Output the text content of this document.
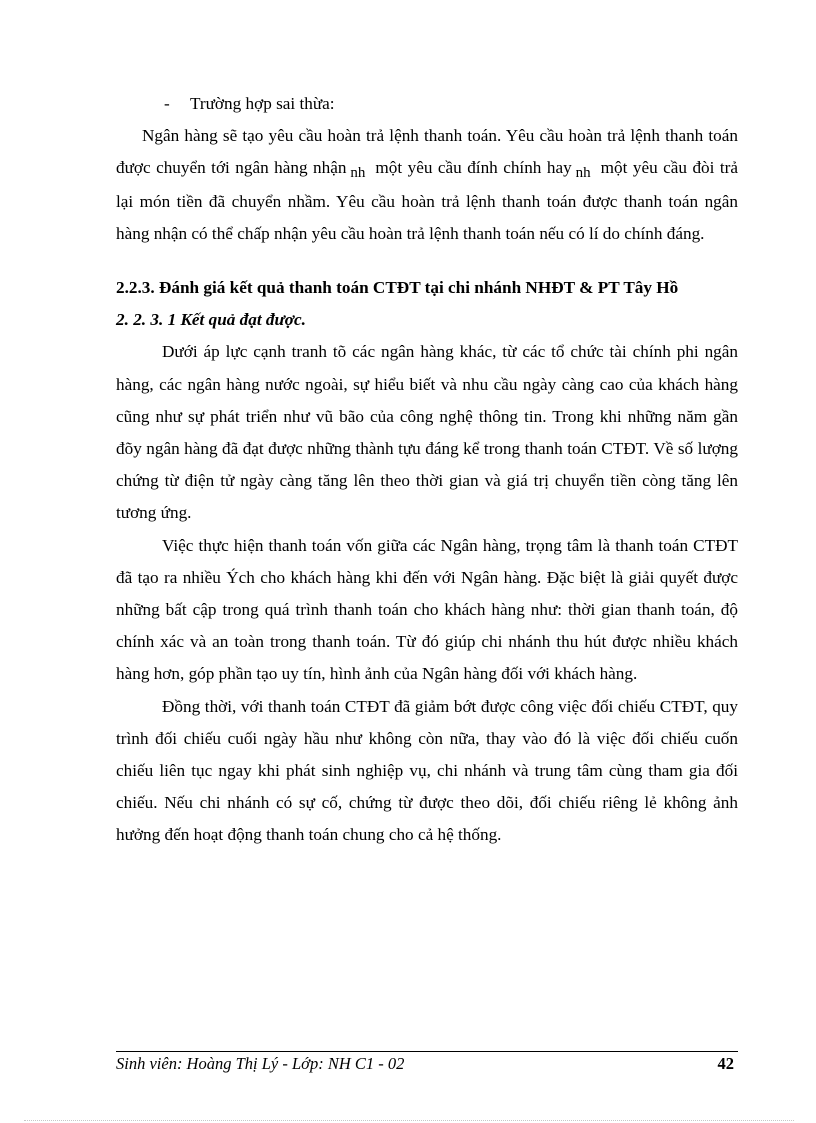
- Trường hợp sai thừa:

Ngân hàng sẽ tạo yêu cầu hoàn trả lệnh thanh toán. Yêu cầu hoàn trả lệnh thanh toán được chuyển tới ngân hàng nhận nh một yêu cầu đính chính hay nh một yêu cầu đòi trả lại món tiền đã chuyển nhầm. Yêu cầu hoàn trả lệnh thanh toán được thanh toán ngân hàng nhận có thể chấp nhận yêu cầu hoàn trả lệnh thanh toán nếu có lí do chính đáng.

2.2.3. Đánh giá kết quả thanh toán CTĐT tại chi nhánh NHĐT & PT Tây Hồ
2. 2. 3. 1 Kết quả đạt được.

Dưới áp lực cạnh tranh tõ các ngân hàng khác, từ các tổ chức tài chính phi ngân hàng, các ngân hàng nước ngoài, sự hiểu biết và nhu cầu ngày càng cao của khách hàng cũng như sự phát triển như vũ bão của công nghệ thông tin. Trong khi những năm gần đõy ngân hàng đã đạt được những thành tựu đáng kể trong thanh toán CTĐT. Về số lượng chứng từ điện tử ngày càng tăng lên theo thời gian và giá trị chuyển tiền còng tăng lên tương ứng.

Việc thực hiện thanh toán vốn giữa các Ngân hàng, trọng tâm là thanh toán CTĐT đã tạo ra nhiều Ých cho khách hàng khi đến với Ngân hàng. Đặc biệt là giải quyết được những bất cập trong quá trình thanh toán cho khách hàng như: thời gian thanh toán, độ chính xác và an toàn trong thanh toán. Từ đó giúp chi nhánh thu hút được nhiều khách hàng hơn, góp phần tạo uy tín, hình ảnh của Ngân hàng đối với khách hàng.

Đồng thời, với thanh toán CTĐT đã giảm bớt được công việc đối chiếu CTĐT, quy trình đối chiếu cuối ngày hầu như không còn nữa, thay vào đó là việc đối chiếu cuốn chiếu liên tục ngay khi phát sinh nghiệp vụ, chi nhánh và trung tâm cùng tham gia đối chiếu. Nếu chi nhánh có sự cố, chứng từ được theo dõi, đối chiếu riêng lẻ không ảnh hưởng đến hoạt động thanh toán chung cho cả hệ thống.

Sinh viên: Hoàng Thị Lý - Lớp: NH C1 - 02	42
